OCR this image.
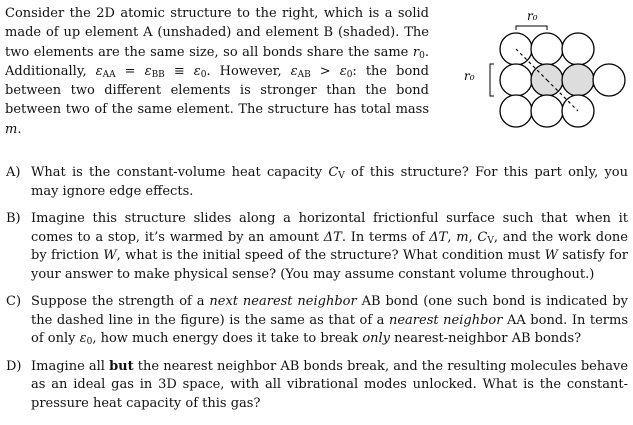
Consider the 2D atomic structure to the right, which is a solid made of up element A (unshaded) and element B (shaded). The two elements are the same size, so all bonds share the same $r_0$. Additionally, $\varepsilon_{AA} = \varepsilon_{BB} \equiv \varepsilon_0$. However, $\varepsilon_{AB} > \varepsilon_0$: the bond between two different elements is stronger than the bond between two of the same element. The structure has total mass m.
r₀
r₀
A) What is the constant-volume heat capacity $C_V$ of this structure? For this part only, you may ignore edge effects.
B) Imagine this structure slides along a horizontal frictionful surface such that when it comes to a stop, it’s warmed by an amount ΔT. In terms of ΔT, m, $C_V$, and the work done by friction W, what is the initial speed of the structure? What condition must W satisfy for your answer to make physical sense? (You may assume constant volume throughout.)
C) Suppose the strength of a next nearest neighbor AB bond (one such bond is indicated by the dashed line in the figure) is the same as that of a nearest neighbor AA bond. In terms of only $\varepsilon_0$, how much energy does it take to break only nearest-neighbor AB bonds?
D) Imagine all but the nearest neighbor AB bonds break, and the resulting molecules behave as an ideal gas in 3D space, with all vibrational modes unlocked. What is the constant-pressure heat capacity of this gas?
